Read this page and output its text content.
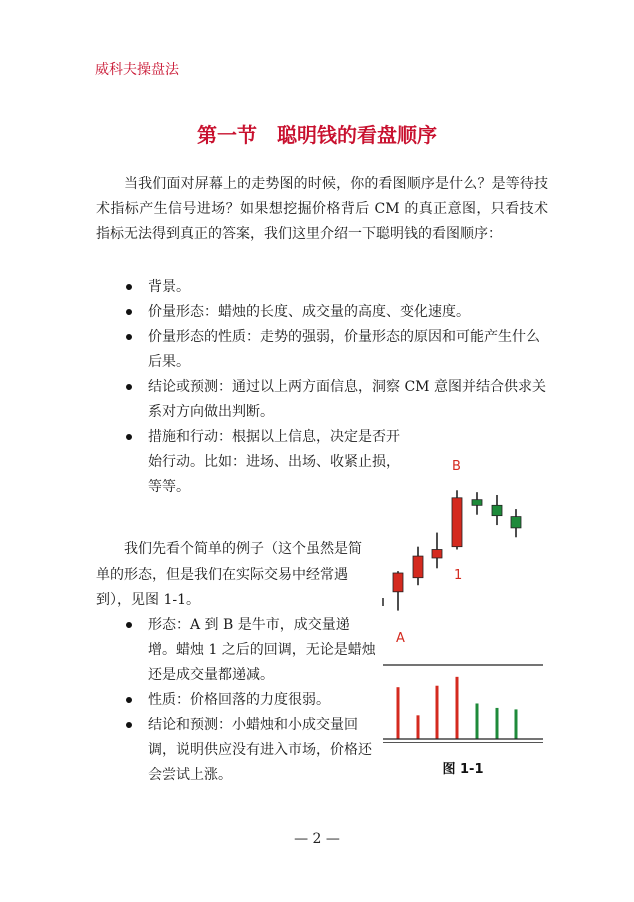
威科夫操盘法
第一节　聪明钱的看盘顺序

当我们面对屏幕上的走势图的时候，你的看图顺序是什么？是等待技术指标产生信号进场？如果想挖掘价格背后 CM 的真正意图，只看技术指标无法得到真正的答案，我们这里介绍一下聪明钱的看图顺序：

背景。
价量形态：蜡烛的长度、成交量的高度、变化速度。
价量形态的性质：走势的强弱，价量形态的原因和可能产生什么后果。
结论或预测：通过以上两方面信息，洞察 CM 意图并结合供求关系对方向做出判断。
措施和行动：根据以上信息，决定是否开始行动。比如：进场、出场、收紧止损，等等。

我们先看个简单的例子（这个虽然是简单的形态，但是我们在实际交易中经常遇到），见图 1-1。

形态：A 到 B 是牛市，成交量递增。蜡烛 1 之后的回调，无论是蜡烛还是成交量都递减。
性质：价格回落的力度很弱。
结论和预测：小蜡烛和小成交量回调，说明供应没有进入市场，价格还会尝试上涨。
A
B
1
图 1-1
— 2 —
